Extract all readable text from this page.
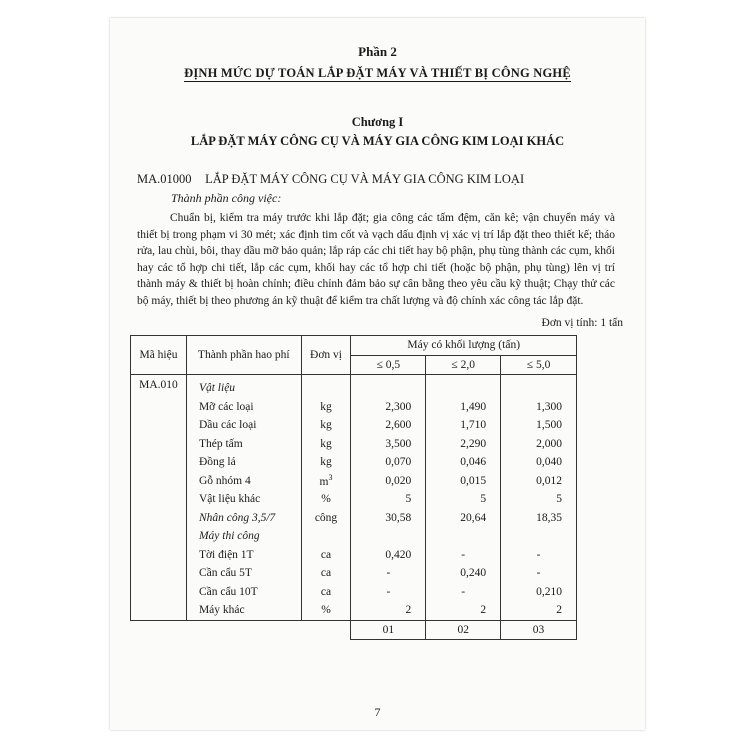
Phần 2
ĐỊNH MỨC DỰ TOÁN LẮP ĐẶT MÁY VÀ THIẾT BỊ CÔNG NGHỆ
Chương I
LẮP ĐẶT MÁY CÔNG CỤ VÀ MÁY GIA CÔNG KIM LOẠI KHÁC
MA.01000 LẮP ĐẶT MÁY CÔNG CỤ VÀ MÁY GIA CÔNG KIM LOẠI
Thành phần công việc:

Chuẩn bị, kiểm tra máy trước khi lắp đặt; gia công các tấm đệm, căn kê; vận chuyển máy và thiết bị trong phạm vi 30 mét; xác định tim cốt và vạch dấu định vị xác vị trí lắp đặt theo thiết kế; tháo rửa, lau chùi, bôi, thay dầu mỡ bảo quản; lắp ráp các chi tiết hay bộ phận, phụ tùng thành các cụm, khối hay các tổ hợp chi tiết, lắp các cụm, khối hay các tổ hợp chi tiết (hoặc bộ phận, phụ tùng) lên vị trí thành máy & thiết bị hoàn chỉnh; điều chỉnh đảm bảo sự cân bằng theo yêu cầu kỹ thuật; Chạy thử các bộ máy, thiết bị theo phương án kỹ thuật để kiểm tra chất lượng và độ chính xác công tác lắp đặt.

Đơn vị tính: 1 tấn
Mã hiệu	Thành phần hao phí	Đơn vị	Máy có khối lượng (tấn)		
			≤ 0,5	≤ 2,0	≤ 5,0
MA.010	Vật liệu				
	Mỡ các loại	kg	2,300	1,490	1,300
	Dầu các loại	kg	2,600	1,710	1,500
	Thép tấm	kg	3,500	2,290	2,000
	Đồng lá	kg	0,070	0,046	0,040
	Gỗ nhóm 4	$m^3$	0,020	0,015	0,012
	Vật liệu khác	%	5	5	5
	Nhân công 3,5/7	công	30,58	20,64	18,35
	Máy thi công				
	Tời điện 1T	ca	0,420	-	-
	Cần cẩu 5T	ca	-	0,240	-
	Cần cẩu 10T	ca	-	-	0,210
	Máy khác	%	2	2	2
			01	02	03
7
